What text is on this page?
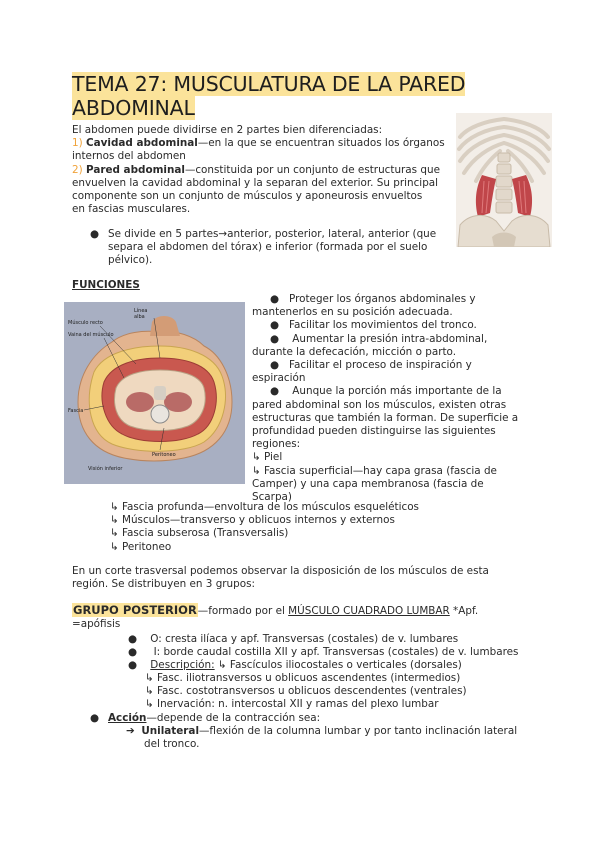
TEMA 27: MUSCULATURA DE LA PARED
ABDOMINAL
El abdomen puede dividirse en 2 partes bien diferenciadas:
1) Cavidad abdominal—en la que se encuentran situados los órganos
internos del abdomen
2) Pared abdominal—constituida por un conjunto de estructuras que
envuelven la cavidad abdominal y la separan del exterior. Su principal
componente son un conjunto de músculos y aponeurosis envueltos
en fascias musculares.
● Se divide en 5 partes→anterior, posterior, lateral, anterior (que
separa el abdomen del tórax) e inferior (formada por el suelo
pélvico).
FUNCIONES
Línea
alba
Músculo recto
Vaina del músculo
Fascia
Peritoneo
Visión inferior
● Proteger los órganos abdominales y
mantenerlos en su posición adecuada.
● Facilitar los movimientos del tronco.
● Aumentar la presión intra-abdominal,
durante la defecación, micción o parto.
● Facilitar el proceso de inspiración y
espiración
● Aunque la porción más importante de la
pared abdominal son los músculos, existen otras
estructuras que también la forman. De superficie a
profundidad pueden distinguirse las siguientes
regiones:
↳ Piel
↳ Fascia superficial—hay capa grasa (fascia de
Camper) y una capa membranosa (fascia de
Scarpa)
↳ Fascia profunda—envoltura de los músculos esqueléticos
↳ Músculos—transverso y oblicuos internos y externos
↳ Fascia subserosa (Transversalis)
↳ Peritoneo
En un corte trasversal podemos observar la disposición de los músculos de esta
región. Se distribuyen en 3 grupos:
GRUPO POSTERIOR—formado por el MÚSCULO CUADRADO LUMBAR *Apf.
=apófisis
● O: cresta ilíaca y apf. Transversas (costales) de v. lumbares
● I: borde caudal costilla XII y apf. Transversas (costales) de v. lumbares
● Descripción: ↳ Fascículos iliocostales o verticales (dorsales)
↳ Fasc. iliotransversos u oblicuos ascendentes (intermedios)
↳ Fasc. costotransversos u oblicuos descendentes (ventrales)
↳ Inervación: n. intercostal XII y ramas del plexo lumbar
● Acción—depende de la contracción sea:
➔ Unilateral—flexión de la columna lumbar y por tanto inclinación lateral
del tronco.
